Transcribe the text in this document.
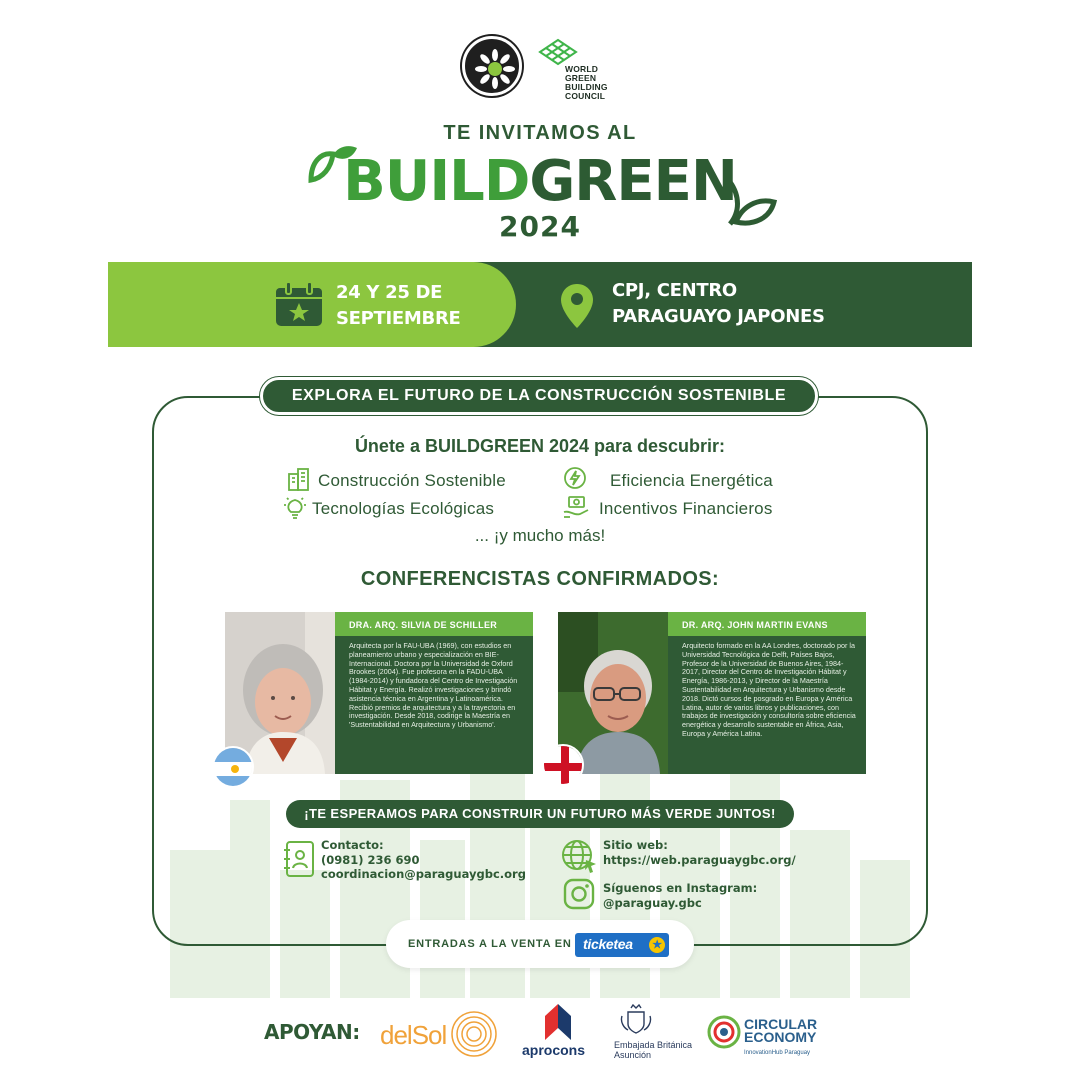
WORLD GREEN BUILDING COUNCIL
TE INVITAMOS AL
BUILDGREEN
2024
24 Y 25 DE SEPTIEMBRE
CPJ, CENTRO PARAGUAYO JAPONES
EXPLORA EL FUTURO DE LA CONSTRUCCIÓN SOSTENIBLE
Únete a BUILDGREEN 2024 para descubrir:
Construcción Sostenible	Eficiencia Energética
Tecnologías Ecológicas	Incentivos Financieros
... ¡y mucho más!
CONFERENCISTAS CONFIRMADOS:
DRA. ARQ. SILVIA DE SCHILLER
Arquitecta por la FAU-UBA (1969), con estudios en planeamiento urbano y especialización en BIE- Internacional. Doctora por la Universidad de Oxford Brookes (2004). Fue profesora en la FADU-UBA (1984-2014) y fundadora del Centro de Investigación Hábitat y Energía. Realizó investigaciones y brindó asistencia técnica en Argentina y Latinoamérica. Recibió premios de arquitectura y a la trayectoria en investigación. Desde 2018, codirige la Maestría en 'Sustentabilidad en Arquitectura y Urbanismo'.
DR. ARQ. JOHN MARTIN EVANS
Arquitecto formado en la AA Londres, doctorado por la Universidad Tecnológica de Delft, Países Bajos, Profesor de la Universidad de Buenos Aires, 1984-2017, Director del Centro de Investigación Hábitat y Energía, 1986-2013, y Director de la Maestría Sustentabilidad en Arquitectura y Urbanismo desde 2018. Dictó cursos de posgrado en Europa y América Latina, autor de varios libros y publicaciones, con trabajos de investigación y consultoría sobre eficiencia energética y desarrollo sustentable en África, Asia, Europa y América Latina.
¡TE ESPERAMOS PARA CONSTRUIR UN FUTURO MÁS VERDE JUNTOS!
Contacto:
(0981) 236 690
coordinacion@paraguaygbc.org
Sitio web:
https://web.paraguaygbc.org/
Síguenos en Instagram:
@paraguay.gbc
ENTRADAS A LA VENTA EN ticketea ★
APOYAN: delSol	aprocons	Embajada Británica Asunción
CIRCULAR ECONOMY
InnovationHub Paraguay
